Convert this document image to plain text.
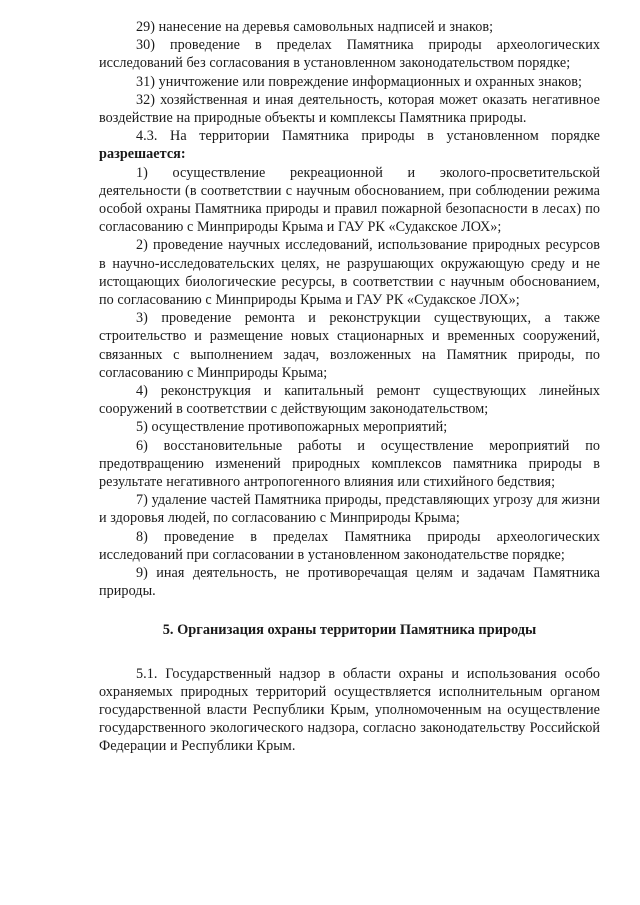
29) нанесение на деревья самовольных надписей и знаков;

30) проведение в пределах Памятника природы археологических исследований без согласования в установленном законодательством порядке;

31) уничтожение или повреждение информационных и охранных знаков;

32) хозяйственная и иная деятельность, которая может оказать негативное воздействие на природные объекты и комплексы Памятника природы.

4.3. На территории Памятника природы в установленном порядке разрешается:

1) осуществление рекреационной и эколого-просветительской деятельности (в соответствии с научным обоснованием, при соблюдении режима особой охраны Памятника природы и правил пожарной безопасности в лесах) по согласованию с Минприроды Крыма и ГАУ РК «Судакское ЛОХ»;

2) проведение научных исследований, использование природных ресурсов в научно-исследовательских целях, не разрушающих окружающую среду и не истощающих биологические ресурсы, в соответствии с научным обоснованием, по согласованию с Минприроды Крыма и ГАУ РК «Судакское ЛОХ»;

3) проведение ремонта и реконструкции существующих, а также строительство и размещение новых стационарных и временных сооружений, связанных с выполнением задач, возложенных на Памятник природы, по согласованию с Минприроды Крыма;

4) реконструкция и капитальный ремонт существующих линейных сооружений в соответствии с действующим законодательством;

5) осуществление противопожарных мероприятий;

6) восстановительные работы и осуществление мероприятий по предотвращению изменений природных комплексов памятника природы в результате негативного антропогенного влияния или стихийного бедствия;

7) удаление частей Памятника природы, представляющих угрозу для жизни и здоровья людей, по согласованию с Минприроды Крыма;

8) проведение в пределах Памятника природы археологических исследований при согласовании в установленном законодательстве порядке;

9) иная деятельность, не противоречащая целям и задачам Памятника природы.

5. Организация охраны территории Памятника природы

5.1. Государственный надзор в области охраны и использования особо охраняемых природных территорий осуществляется исполнительным органом государственной власти Республики Крым, уполномоченным на осуществление государственного экологического надзора, согласно законодательству Российской Федерации и Республики Крым.
